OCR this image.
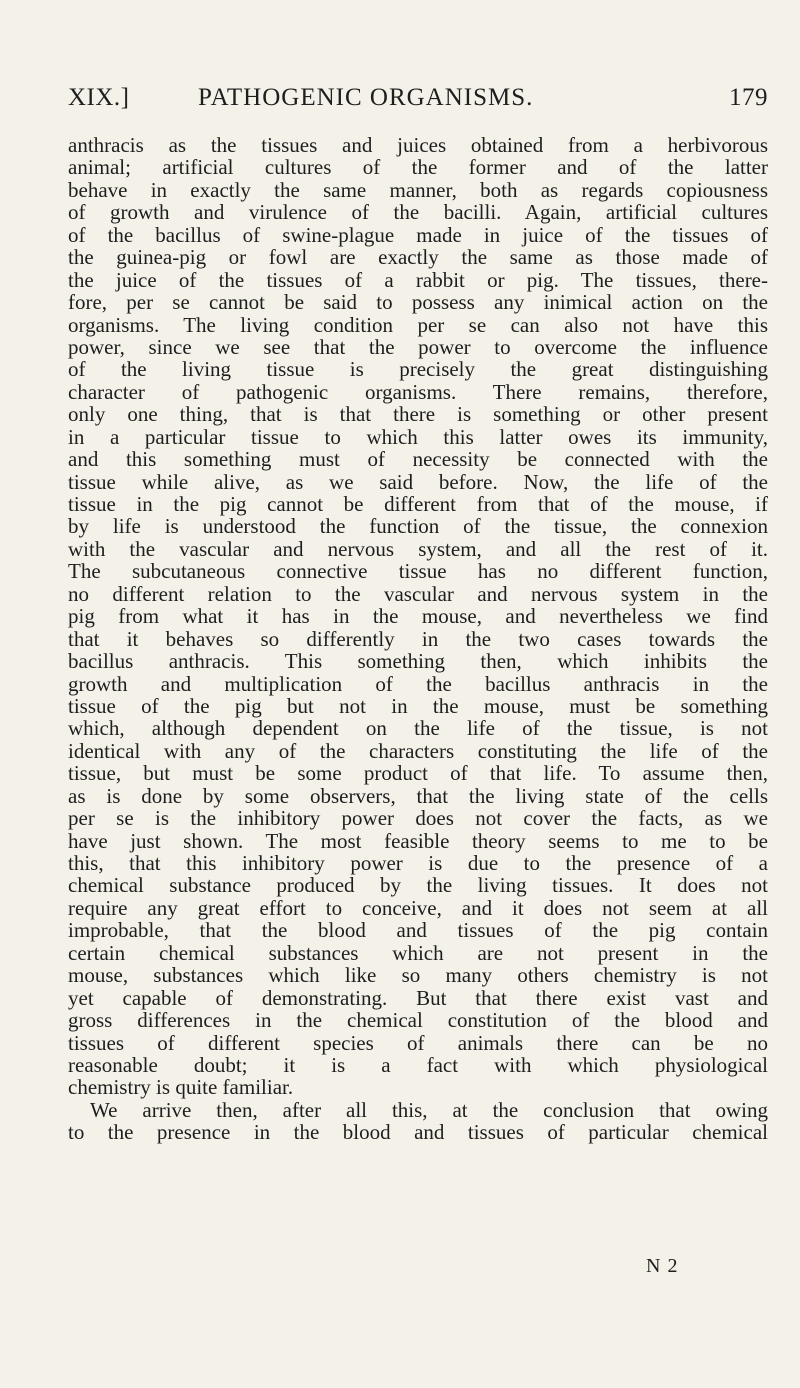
XIX.]	PATHOGENIC ORGANISMS.	179
anthracis as the tissues and juices obtained from a herbivorous
animal; artificial cultures of the former and of the latter
behave in exactly the same manner, both as regards copiousness
of growth and virulence of the bacilli. Again, artificial cultures
of the bacillus of swine-plague made in juice of the tissues of
the guinea-pig or fowl are exactly the same as those made of
the juice of the tissues of a rabbit or pig. The tissues, there-
fore, per se cannot be said to possess any inimical action on the
organisms. The living condition per se can also not have this
power, since we see that the power to overcome the influence
of the living tissue is precisely the great distinguishing
character of pathogenic organisms. There remains, therefore,
only one thing, that is that there is something or other present
in a particular tissue to which this latter owes its immunity,
and this something must of necessity be connected with the
tissue while alive, as we said before. Now, the life of the
tissue in the pig cannot be different from that of the mouse, if
by life is understood the function of the tissue, the connexion
with the vascular and nervous system, and all the rest of it.
The subcutaneous connective tissue has no different function,
no different relation to the vascular and nervous system in the
pig from what it has in the mouse, and nevertheless we find
that it behaves so differently in the two cases towards the
bacillus anthracis. This something then, which inhibits the
growth and multiplication of the bacillus anthracis in the
tissue of the pig but not in the mouse, must be something
which, although dependent on the life of the tissue, is not
identical with any of the characters constituting the life of the
tissue, but must be some product of that life. To assume then,
as is done by some observers, that the living state of the cells
per se is the inhibitory power does not cover the facts, as we
have just shown. The most feasible theory seems to me to be
this, that this inhibitory power is due to the presence of a
chemical substance produced by the living tissues. It does not
require any great effort to conceive, and it does not seem at all
improbable, that the blood and tissues of the pig contain
certain chemical substances which are not present in the
mouse, substances which like so many others chemistry is not
yet capable of demonstrating. But that there exist vast and
gross differences in the chemical constitution of the blood and
tissues of different species of animals there can be no
reasonable doubt; it is a fact with which physiological
chemistry is quite familiar.
We arrive then, after all this, at the conclusion that owing
to the presence in the blood and tissues of particular chemical
N 2
